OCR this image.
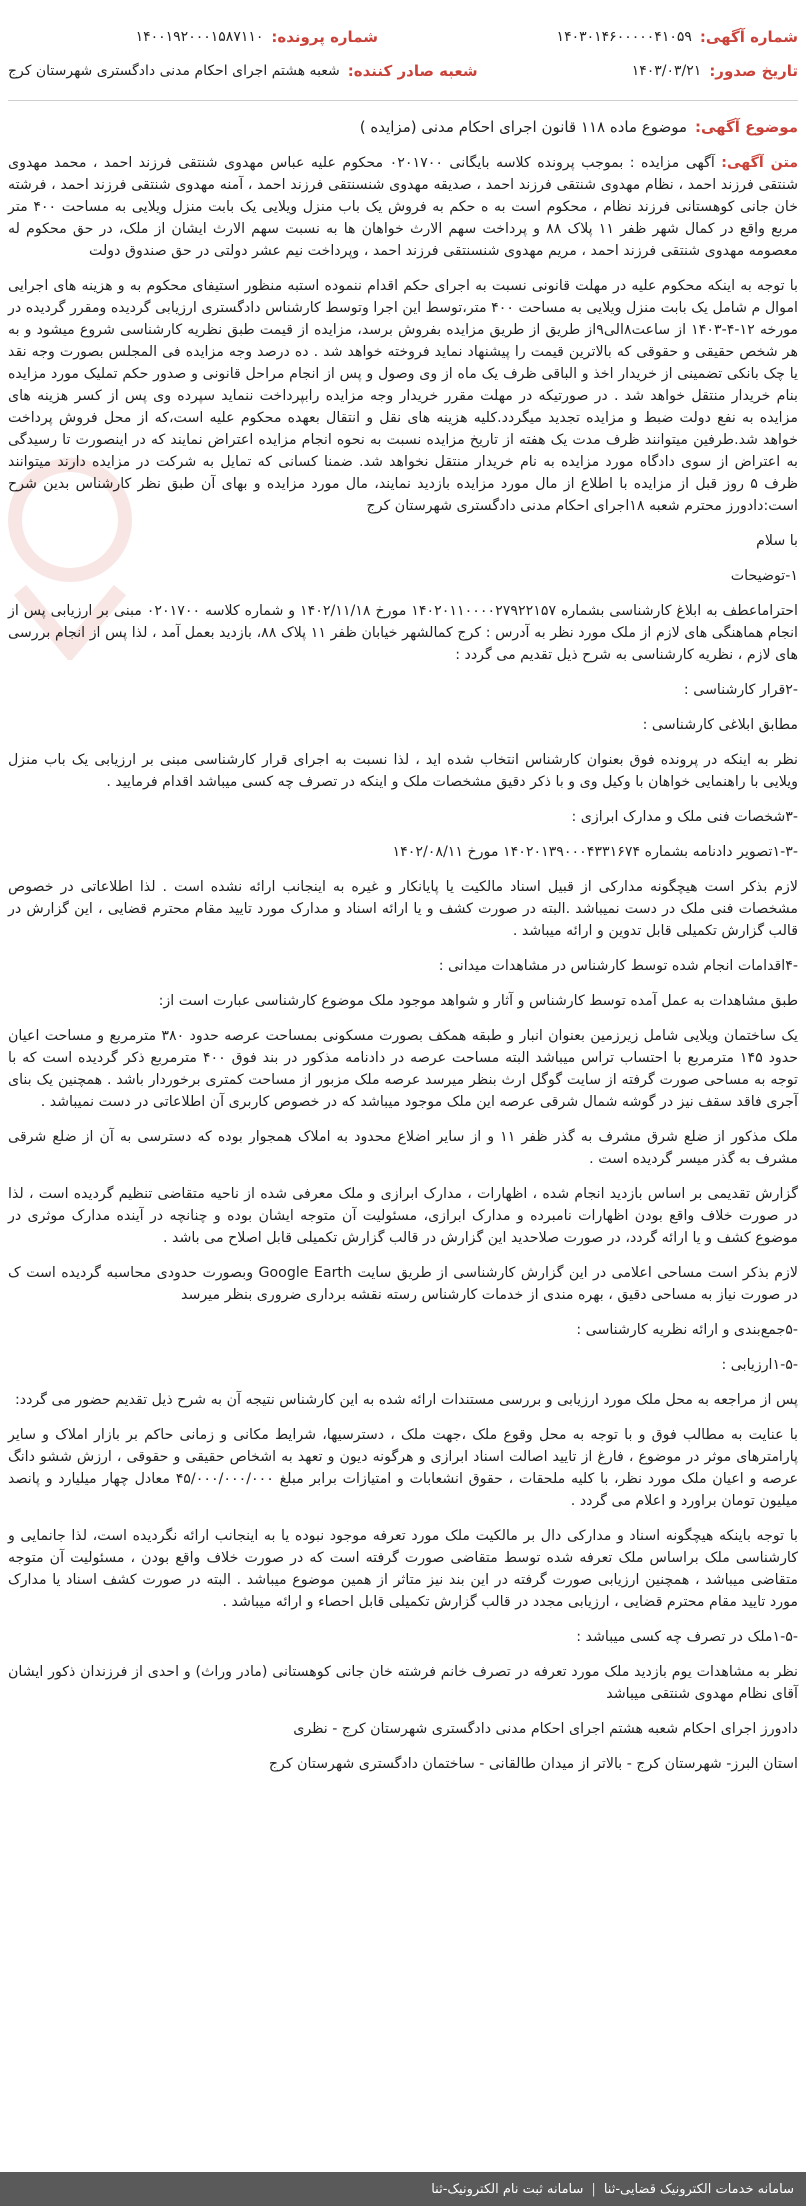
شماره آگهی:
۱۴۰۳۰۱۴۶۰۰۰۰۰۴۱۰۵۹
شماره پرونده:
۱۴۰۰۱۹۲۰۰۰۱۵۸۷۱۱۰
تاریخ صدور:
۱۴۰۳/۰۳/۲۱
شعبه صادر کننده:
شعبه هشتم اجرای احکام مدنی دادگستری شهرستان کرج
موضوع آگهی:
موضوع ماده ۱۱۸ قانون اجرای احکام مدنی (مزایده )

متن آگهی: آگهی مزایده : بموجب پرونده کلاسه بایگانی ۰۲۰۱۷۰۰ محکوم علیه عباس مهدوی شنتقی فرزند احمد ، محمد مهدوی شنتقی فرزند احمد ، نظام مهدوی شنتقی فرزند احمد ، صدیقه مهدوی شنسنتقی فرزند احمد ، آمنه مهدوی شنتقی فرزند احمد ، فرشته خان جانی کوهستانی فرزند نظام ، محکوم است به ه حکم به فروش یک باب منزل ویلایی یک بابت منزل ویلایی به مساحت ۴۰۰ متر مربع واقع در کمال شهر ظفر ۱۱ پلاک ۸۸ و پرداخت سهم الارث خواهان ها به نسبت سهم الارث ایشان از ملک، در حق محکوم له معصومه مهدوی شنتقی فرزند احمد ، مریم مهدوی شنسنتقی فرزند احمد ، وپرداخت نیم عشر دولتی در حق صندوق دولت

با توجه به اینکه محکوم علیه در مهلت قانونی نسبت به اجرای حکم اقدام ننموده استبه منظور استیفای محکوم به و هزینه های اجرایی اموال م شامل یک بابت منزل ویلایی به مساحت ۴۰۰ متر،توسط این اجرا وتوسط کارشناس دادگستری ارزیابی گردیده ومقرر گردیده در مورخه ۱۲-۴-۱۴۰۳ از ساعت۸الی۹از طریق از طریق مزایده بفروش برسد، مزایده از قیمت طبق نظریه کارشناسی شروع میشود و به هر شخص حقیقی و حقوقی که بالاترین قیمت را پیشنهاد نماید فروخته خواهد شد . ده درصد وجه مزایده فی المجلس بصورت وجه نقد یا چک بانکی تضمینی از خریدار اخذ و الباقی ظرف یک ماه از وی وصول و پس از انجام مراحل قانونی و صدور حکم تملیک مورد مزایده بنام خریدار منتقل خواهد شد . در صورتیکه در مهلت مقرر خریدار وجه مزایده رابپرداخت ننماید سپرده وی پس از کسر هزینه های مزایده به نفع دولت ضبط و مزایده تجدید میگردد.کلیه هزینه های نقل و انتقال بعهده محکوم علیه است،که از محل فروش پرداخت خواهد شد.طرفین میتوانند ظرف مدت یک هفته از تاریخ مزایده نسبت به نحوه انجام مزایده اعتراض نمایند که در اینصورت تا رسیدگی به اعتراض از سوی دادگاه مورد مزایده به نام خریدار منتقل نخواهد شد. ضمنا کسانی که تمایل به شرکت در مزایده دارند میتوانند ظرف ۵ روز قبل از مزایده با اطلاع از مال مورد مزایده بازدید نمایند، مال مورد مزایده و بهای آن طبق نظر کارشناس بدین شرح است:دادورز محترم شعبه ۱۸اجرای احکام مدنی دادگستری شهرستان کرج

با سلام

۱-توضیحات

احتراماعطف به ابلاغ کارشناسی بشماره ۱۴۰۲۰۱۱۰۰۰۰۲۷۹۲۲۱۵۷ مورخ ۱۴۰۲/۱۱/۱۸ و شماره کلاسه ۰۲۰۱۷۰۰ مبنی بر ارزیابی پس از انجام هماهنگی های لازم از ملک مورد نظر به آدرس : کرج کمالشهر خیابان ظفر ۱۱ پلاک ۸۸، بازدید بعمل آمد ، لذا پس از انجام بررسی های لازم ، نظریه کارشناسی به شرح ذیل تقدیم می گردد :

-۲قرار کارشناسی :

مطابق ابلاغی کارشناسی :

نظر به اینکه در پرونده فوق بعنوان کارشناس انتخاب شده اید ، لذا نسبت به اجرای قرار کارشناسی مبنی بر ارزیابی یک باب منزل ویلایی با راهنمایی خواهان با وکیل وی و با ذکر دقیق مشخصات ملک و اینکه در تصرف چه کسی میباشد اقدام فرمایید .

-۳شخصات فنی ملک و مدارک ابرازی :

-۱-۳تصویر دادنامه بشماره ۱۴۰۲۰۱۳۹۰۰۰۴۳۳۱۶۷۴ مورخ ۱۴۰۲/۰۸/۱۱

لازم بذکر است هیچگونه مدارکی از قبیل اسناد مالکیت یا پایانکار و غیره به اینجانب ارائه نشده است . لذا اطلاعاتی در خصوص مشخصات فنی ملک در دست نمیباشد .البته در صورت کشف و یا ارائه اسناد و مدارک مورد تایید مقام محترم قضایی ، این گزارش در قالب گزارش تکمیلی قابل تدوین و ارائه میباشد .

-۴اقدامات انجام شده توسط کارشناس در مشاهدات میدانی :

طبق مشاهدات به عمل آمده توسط کارشناس و آثار و شواهد موجود ملک موضوع کارشناسی عبارت است از:

یک ساختمان ویلایی شامل زیرزمین بعنوان انبار و طبقه همکف بصورت مسکونی بمساحت عرصه حدود ۳۸۰ مترمربع و مساحت اعیان حدود ۱۴۵ مترمربع با احتساب تراس میباشد البته مساحت عرصه در دادنامه مذکور در بند فوق ۴۰۰ مترمربع ذکر گردیده است که با توجه به مساحی صورت گرفته از سایت گوگل ارث بنظر میرسد عرصه ملک مزبور از مساحت کمتری برخوردار باشد . همچنین یک بنای آجری فاقد سقف نیز در گوشه شمال شرقی عرصه این ملک موجود میباشد که در خصوص کاربری آن اطلاعاتی در دست نمیباشد .

ملک مذکور از ضلع شرق مشرف به گذر ظفر ۱۱ و از سایر اضلاع محدود به املاک همجوار بوده که دسترسی به آن از ضلع شرقی مشرف به گذر میسر گردیده است .

گزارش تقدیمی بر اساس بازدید انجام شده ، اظهارات ، مدارک ابرازی و ملک معرفی شده از ناحیه متقاضی تنظیم گردیده است ، لذا در صورت خلاف واقع بودن اظهارات نامبرده و مدارک ابرازی، مسئولیت آن متوجه ایشان بوده و چنانچه در آینده مدارک موثری در موضوع کشف و یا ارائه گردد، در صورت صلاحدید این گزارش در قالب گزارش تکمیلی قابل اصلاح می باشد .

لازم بذکر است مساحی اعلامی در این گزارش کارشناسی از طریق سایت Google Earth وبصورت حدودی محاسبه گردیده است ک در صورت نیاز به مساحی دقیق ، بهره مندی از خدمات کارشناس رسته نقشه برداری ضروری بنظر میرسد

-۵جمع‌بندی و ارائه نظریه کارشناسی :

-۱-۵ارزیابی :

پس از مراجعه به محل ملک مورد ارزیابی و بررسی مستندات ارائه شده به این کارشناس نتیجه آن به شرح ذیل تقدیم حضور می گردد:

با عنایت به مطالب فوق و با توجه به محل وقوع ملک ،جهت ملک ، دسترسیها، شرایط مکانی و زمانی حاکم بر بازار املاک و سایر پارامترهای موثر در موضوع ، فارغ از تایید اصالت اسناد ابرازی و هرگونه دیون و تعهد به اشخاص حقیقی و حقوقی ، ارزش ششو دانگ عرصه و اعیان ملک مورد نظر، با کلیه ملحقات ، حقوق انشعابات و امتیازات برابر مبلغ ۴۵/۰۰۰/۰۰۰/۰۰۰ معادل چهار میلیارد و پانصد میلیون تومان براورد و اعلام می گردد .

با توجه باینکه هیچگونه اسناد و مدارکی دال بر مالکیت ملک مورد تعرفه موجود نبوده یا به اینجانب ارائه نگردیده است، لذا جانمایی و کارشناسی ملک براساس ملک تعرفه شده توسط متقاضی صورت گرفته است که در صورت خلاف واقع بودن ، مسئولیت آن متوجه متقاضی میباشد ، همچنین ارزیابی صورت گرفته در این بند نیز متاثر از همین موضوع میباشد . البته در صورت کشف اسناد یا مدارک مورد تایید مقام محترم قضایی ، ارزیابی مجدد در قالب گزارش تکمیلی قابل احصاء و ارائه میباشد .

-۱-۵ملک در تصرف چه کسی میباشد :

نظر به مشاهدات یوم بازدید ملک مورد تعرفه در تصرف خانم فرشته خان جانی کوهستانی (مادر وراث) و احدی از فرزندان ذکور ایشان آقای نظام مهدوی شنتقی میباشد

دادورز اجرای احکام شعبه هشتم اجرای احکام مدنی دادگستری شهرستان کرج - نظری

استان البرز- شهرستان کرج - بالاتر از میدان طالقانی - ساختمان دادگستری شهرستان کرج

سامانه خدمات الکترونیک قضایی-ثنا
|
سامانه ثبت نام الکترونیک-ثنا
